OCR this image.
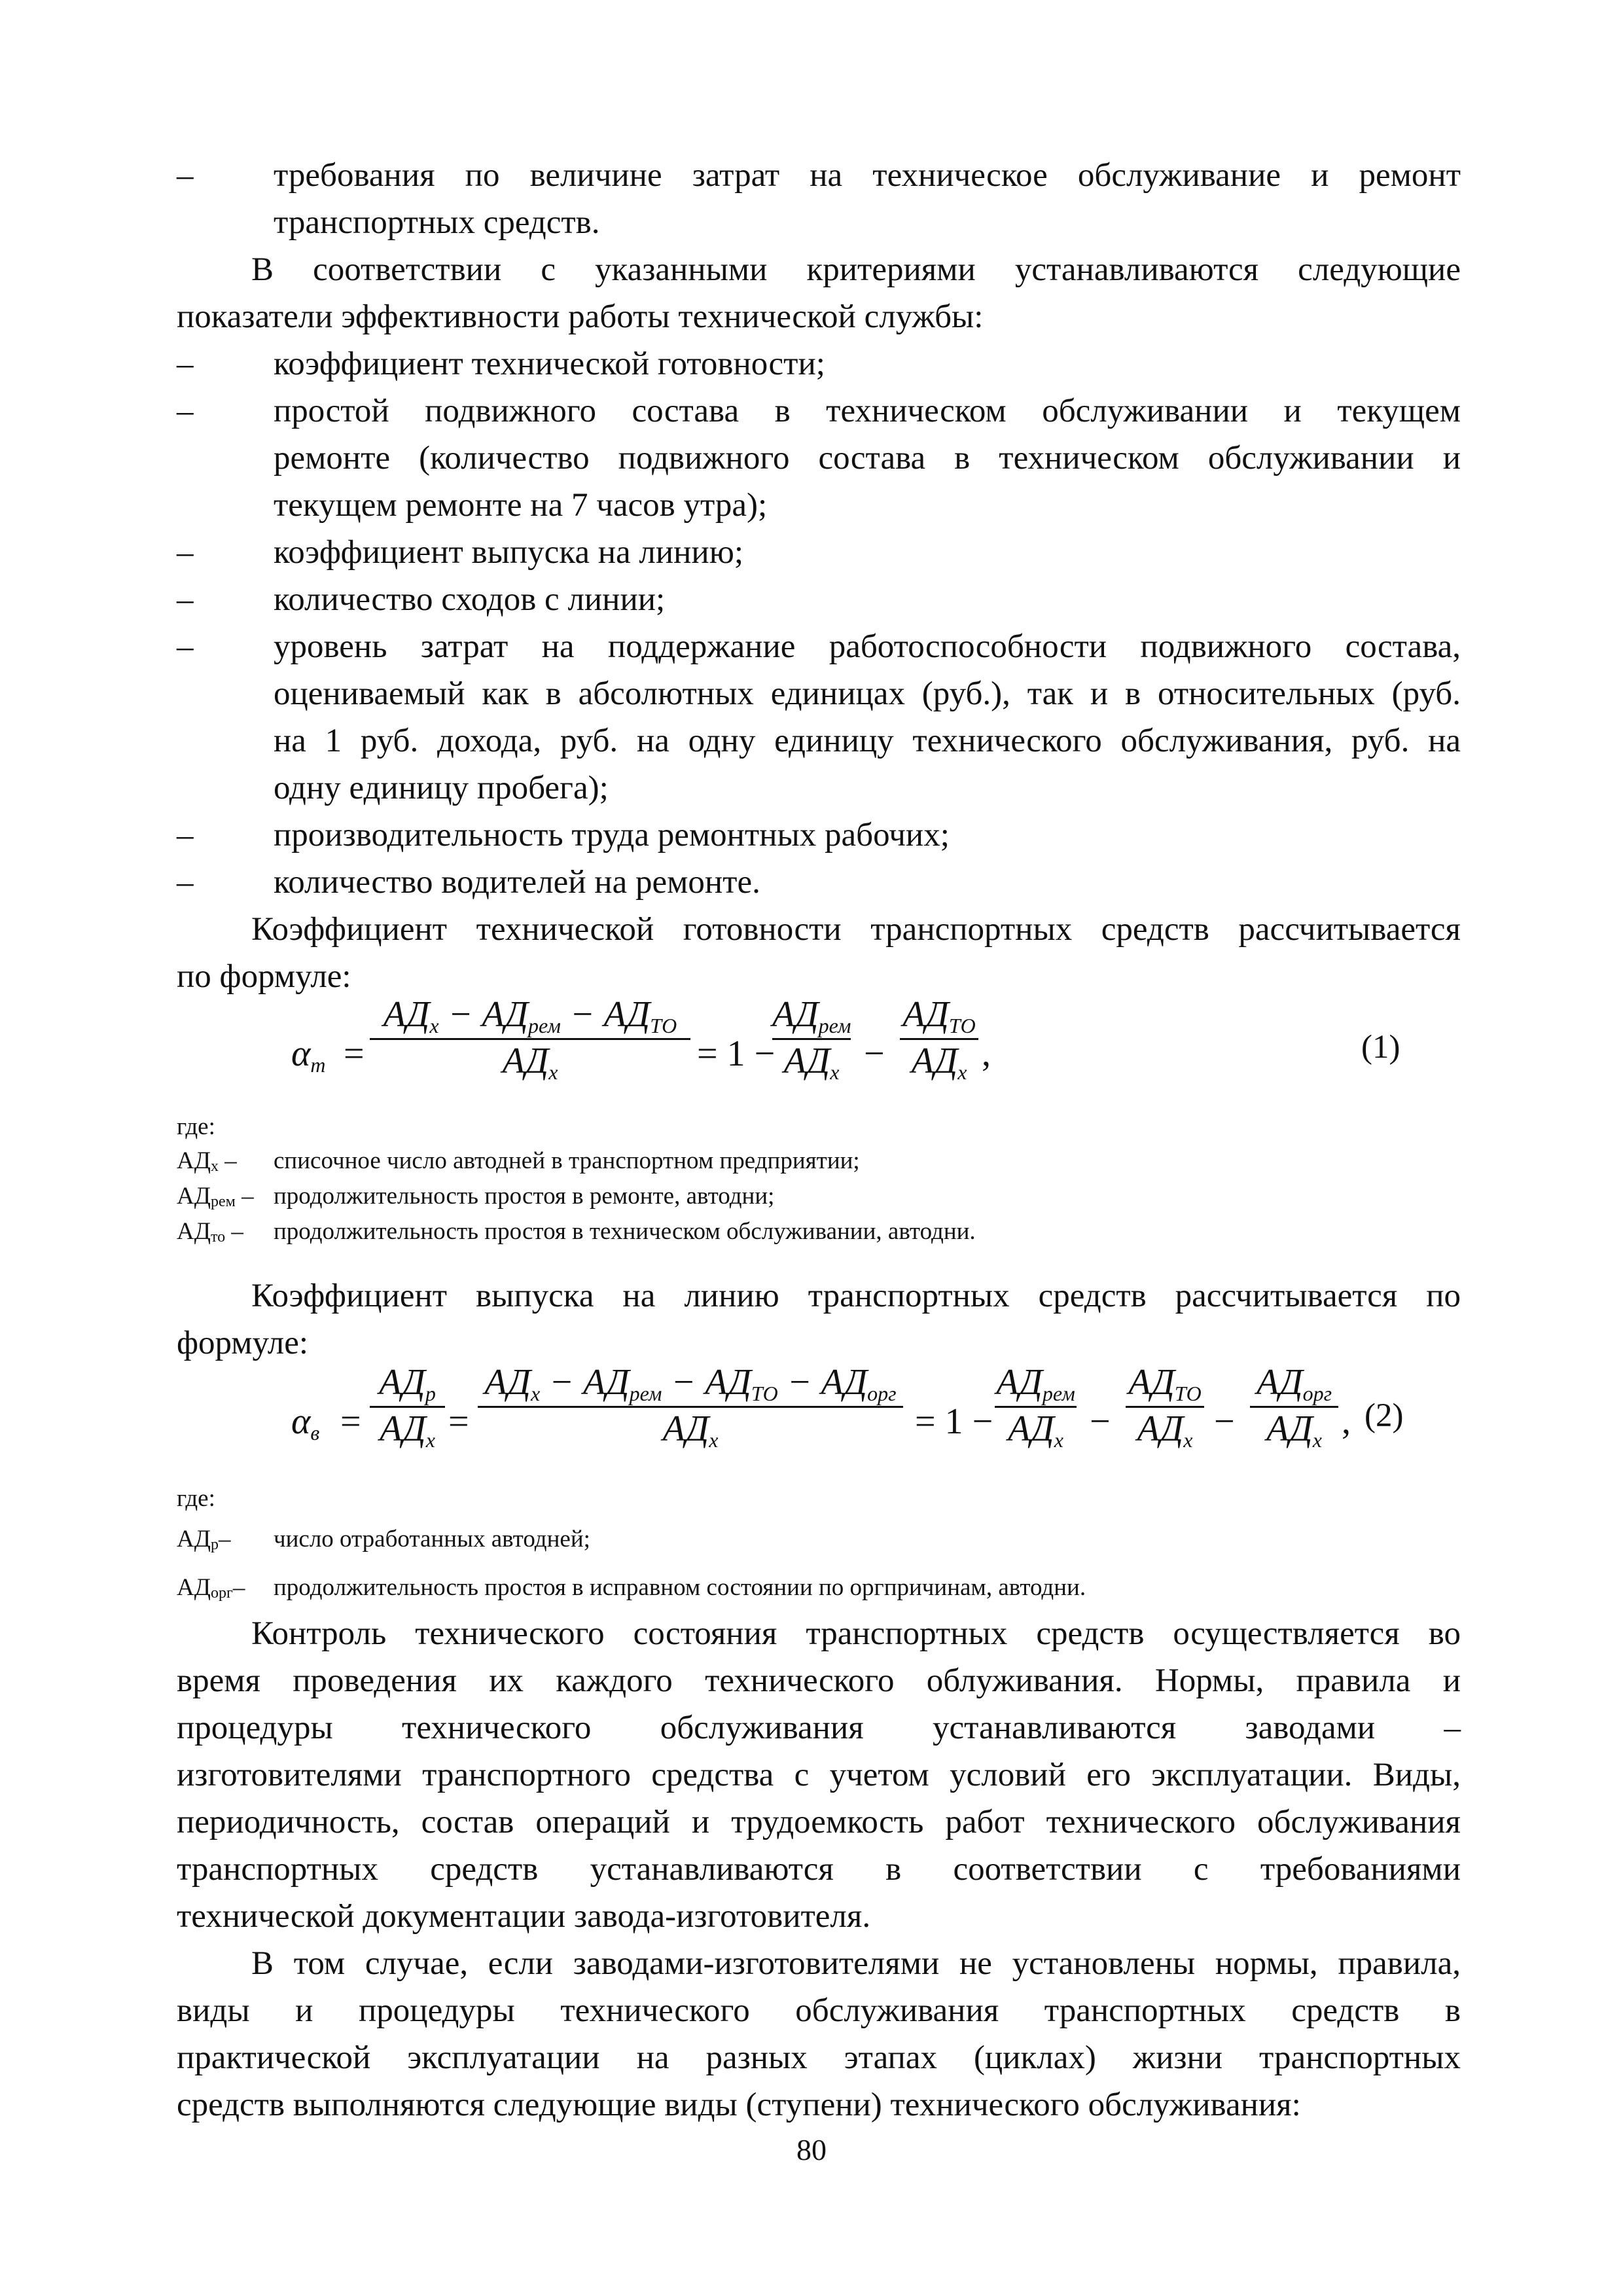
– требования по величине затрат на техническое обслуживание и ремонт
транспортных средств.
В соответствии с указанными критериями устанавливаются следующие
показатели эффективности работы технической службы:
– коэффициент технической готовности;
– простой подвижного состава в техническом обслуживании и текущем
ремонте (количество подвижного состава в техническом обслуживании и
текущем ремонте на 7 часов утра);
– коэффициент выпуска на линию;
– количество сходов с линии;
– уровень затрат на поддержание работоспособности подвижного состава,
оцениваемый как в абсолютных единицах (руб.), так и в относительных (руб.
на 1 руб. дохода, руб. на одну единицу технического обслуживания, руб. на
одну единицу пробега);
– производительность труда ремонтных рабочих;
– количество водителей на ремонте.
Коэффициент технической готовности транспортных средств рассчитывается
по формуле:
$\alpha_т$ =
$АД_х - АД_{рем} - АД_{ТО}$
$АД_х$	= 1 −
$АД_{рем}$
$АД_х$ −
$АД_{ТО}$
$АД_х$ ,	(1)
где:
$АД_х$ – списочное число автодней в транспортном предприятии;
$АД_{рем}$ – продолжительность простоя в ремонте, автодни;
$АД_{то}$ – продолжительность простоя в техническом обслуживании, автодни.
Коэффициент выпуска на линию транспортных средств рассчитывается по
формуле:
$\alpha_в$ =
$АД_р$
$АД_х$ =
$АД_х - АД_{рем} - АД_{ТО} - АД_{орг}$
$АД_х$	= 1 −
$АД_{рем}$
$АД_х$ −
$АД_{ТО}$
$АД_х$ −
$АД_{орг}$
$АД_х$ , (2)
где:
$АД_р-$ число отработанных автодней;
$АД_{орг}-$ продолжительность простоя в исправном состоянии по оргпричинам, автодни.
Контроль технического состояния транспортных средств осуществляется во
время проведения их каждого технического облуживания. Нормы, правила и
процедуры технического обслуживания устанавливаются заводами –
изготовителями транспортного средства с учетом условий его эксплуатации. Виды,
периодичность, состав операций и трудоемкость работ технического обслуживания
транспортных средств устанавливаются в соответствии с требованиями
технической документации завода-изготовителя.
В том случае, если заводами-изготовителями не установлены нормы, правила,
виды и процедуры технического обслуживания транспортных средств в
практической эксплуатации на разных этапах (циклах) жизни транспортных
средств выполняются следующие виды (ступени) технического обслуживания:
80
